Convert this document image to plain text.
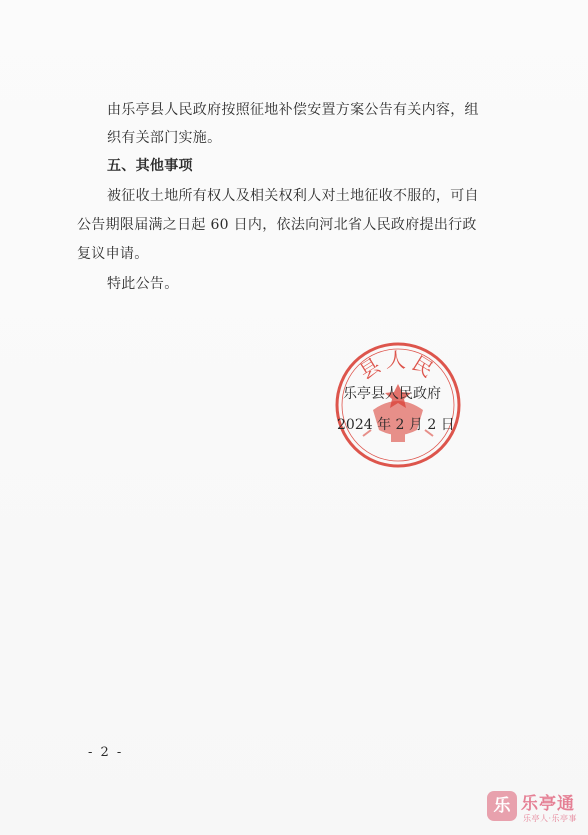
由乐亭县人民政府按照征地补偿安置方案公告有关内容，组
织有关部门实施。
五、其他事项
被征收土地所有权人及相关权利人对土地征收不服的，可自
公告期限届满之日起 60 日内，依法向河北省人民政府提出行政
复议申请。
特此公告。
县人民
乐亭县人民政府
2024 年 2 月 2 日
- 2 -
乐 乐亭通
乐亭人·乐亭事
